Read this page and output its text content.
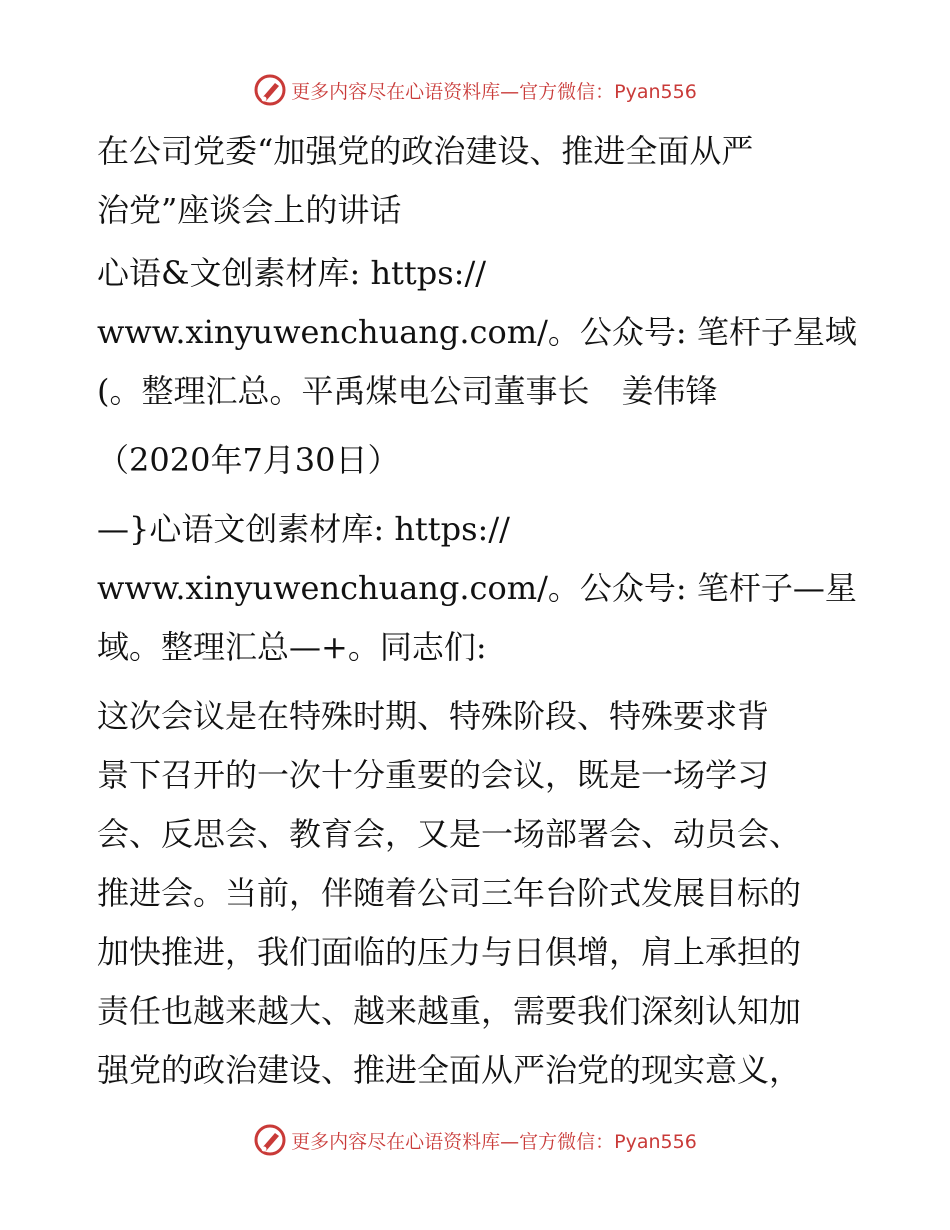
更多内容尽在心语资料库—官方微信：Pyan556

在公司党委“加强党的政治建设、推进全面从严

治党”座谈会上的讲话

心语&文创素材库: https://

www.xinyuwenchuang.com/。公众号: 笔杆子星域

(。整理汇总。平禹煤电公司董事长　姜伟锋

（2020年7月30日）

—}心语文创素材库: https://

www.xinyuwenchuang.com/。公众号: 笔杆子—星

域。整理汇总—+。同志们:

这次会议是在特殊时期、特殊阶段、特殊要求背

景下召开的一次十分重要的会议，既是一场学习

会、反思会、教育会，又是一场部署会、动员会、

推进会。当前，伴随着公司三年台阶式发展目标的

加快推进，我们面临的压力与日俱增，肩上承担的

责任也越来越大、越来越重，需要我们深刻认知加

强党的政治建设、推进全面从严治党的现实意义，

更多内容尽在心语资料库—官方微信：Pyan556
